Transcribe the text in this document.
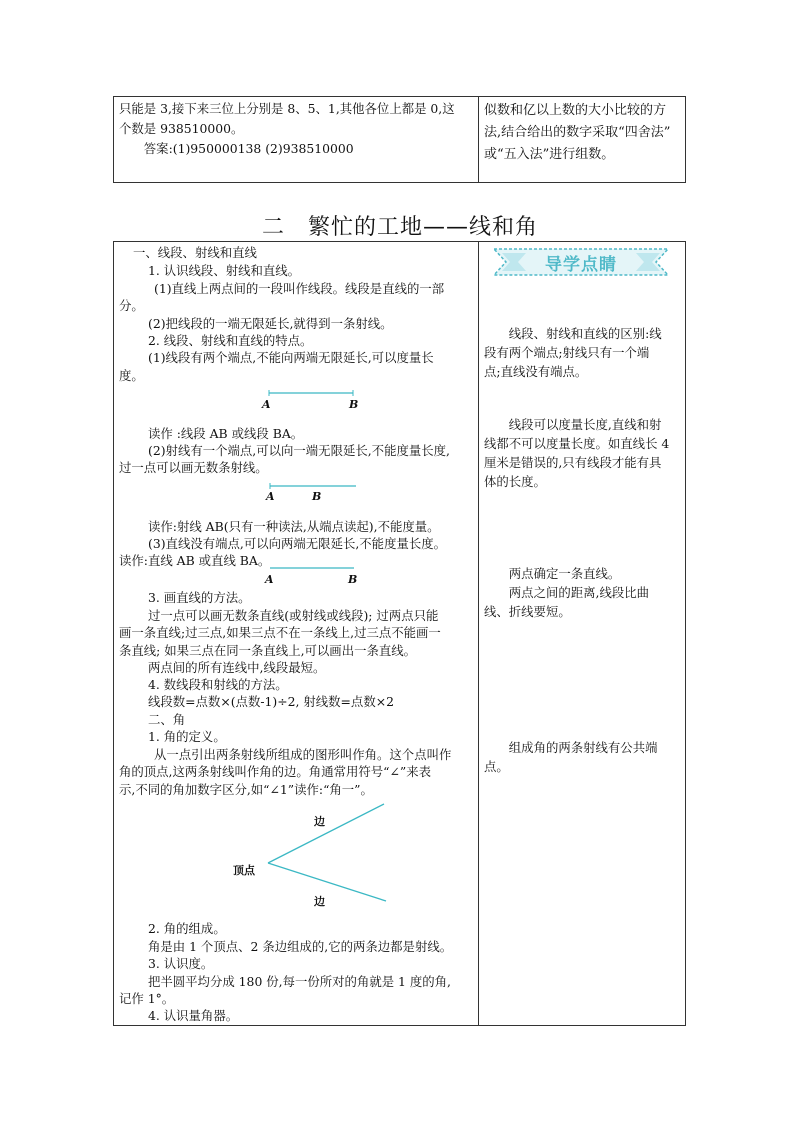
只能是 3,接下来三位上分别是 8、5、1,其他各位上都是 0,这

个数是 938510000。

答案:(1)950000138 (2)938510000

似数和亿以上数的大小比较的方

法,结合给出的数字采取“四舍法”

或“五入法”进行组数。

二　繁忙的工地——线和角
导学点睛
一、线段、射线和直线
1. 认识线段、射线和直线。
(1)直线上两点间的一段叫作线段。线段是直线的一部
分。
(2)把线段的一端无限延长,就得到一条射线。
2. 线段、射线和直线的特点。
(1)线段有两个端点,不能向两端无限延长,可以度量长
度。
A	B
读作 :线段 AB 或线段 BA。
(2)射线有一个端点,可以向一端无限延长,不能度量长度,
过一点可以画无数条射线。
A	B
读作:射线 AB(只有一种读法,从端点读起),不能度量。
(3)直线没有端点,可以向两端无限延长,不能度量长度。
读作:直线 AB 或直线 BA。
A	B
3. 画直线的方法。
过一点可以画无数条直线(或射线或线段); 过两点只能
画一条直线;过三点,如果三点不在一条线上,过三点不能画一
条直线; 如果三点在同一条直线上,可以画出一条直线。
两点间的所有连线中,线段最短。
4. 数线段和射线的方法。
线段数=点数×(点数-1)÷2, 射线数=点数×2
二、角
1. 角的定义。
从一点引出两条射线所组成的图形叫作角。这个点叫作
角的顶点,这两条射线叫作角的边。角通常用符号“∠”来表
示,不同的角加数字区分,如“∠1”读作:“角一”。
边
顶点
边
2. 角的组成。
角是由 1 个顶点、2 条边组成的,它的两条边都是射线。
3. 认识度。
把半圆平均分成 180 份,每一份所对的角就是 1 度的角,
记作 1°。
4. 认识量角器。

线段、射线和直线的区别:线

段有两个端点;射线只有一个端

点;直线没有端点。

线段可以度量长度,直线和射

线都不可以度量长度。如直线长 4

厘米是错误的,只有线段才能有具

体的长度。

两点确定一条直线。

两点之间的距离,线段比曲

线、折线要短。

组成角的两条射线有公共端

点。
